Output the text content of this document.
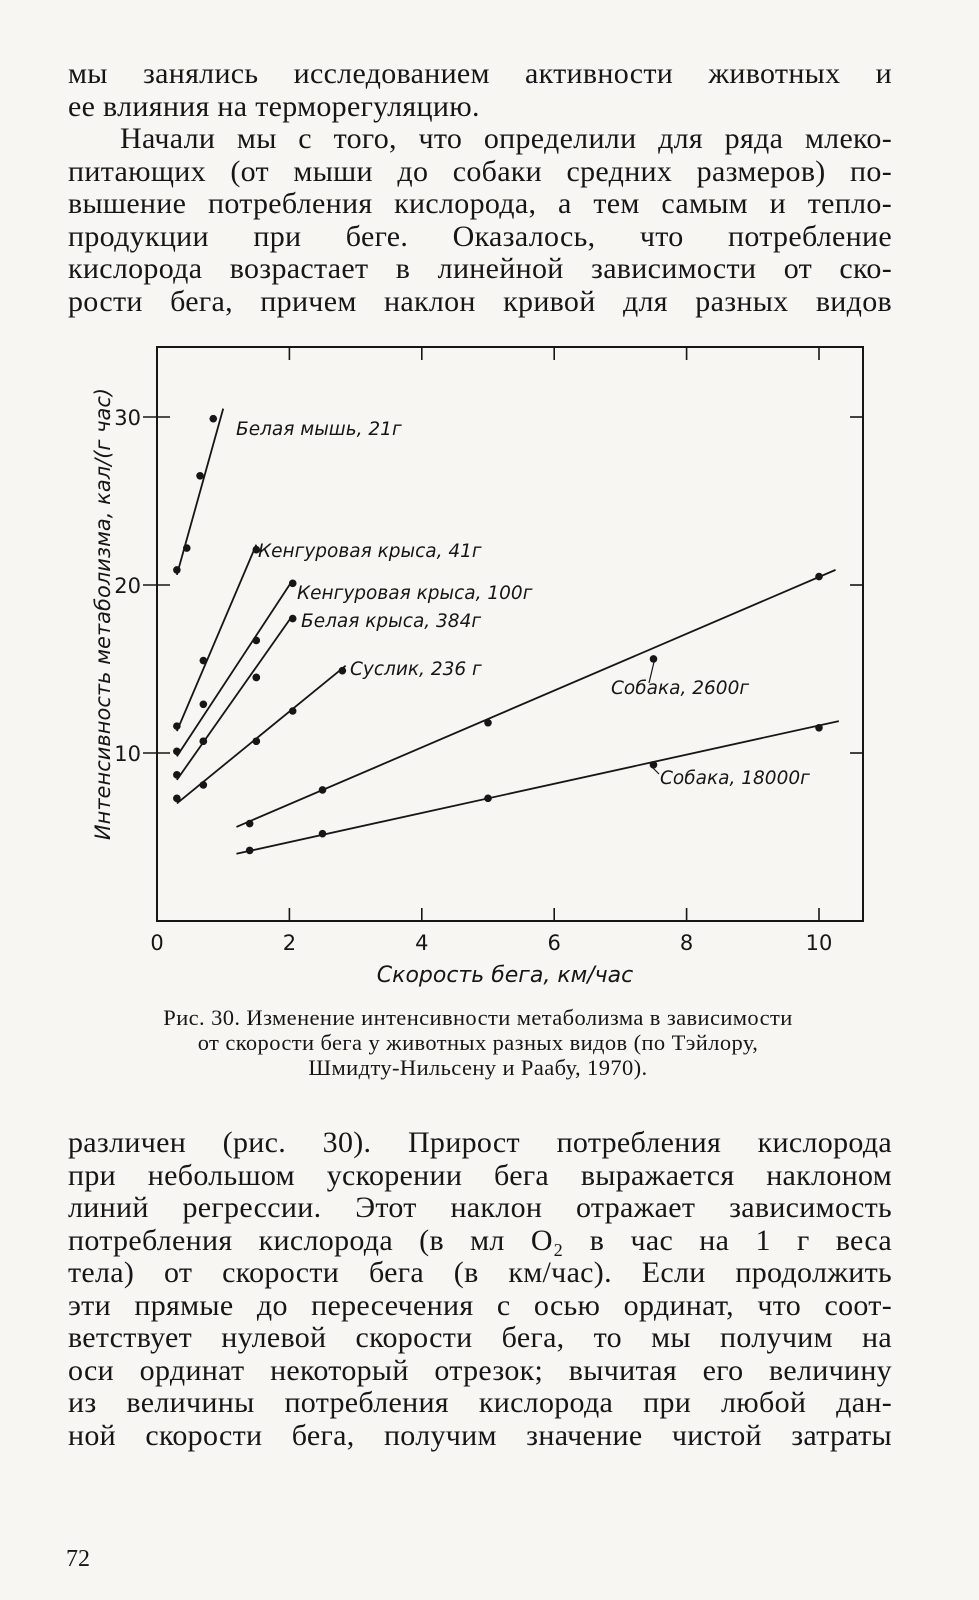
мы занялись исследованием активности животных и
ее влияния на терморегуляцию.
Начали мы с того, что определили для ряда млеко-
питающих (от мыши до собаки средних размеров) по-
вышение потребления кислорода, а тем самым и тепло-
продукции при беге. Оказалось, что потребление
кислорода возрастает в линейной зависимости от ско-
рости бега, причем наклон кривой для разных видов
0	2	4	6	8	10
10
20
30	Белая мышь, 21г
Кенгуровая крыса, 41г
Кенгуровая крыса, 100г
Белая крыса, 384г
Суслик, 236 г
Собака, 2600г
Собака, 18000г
Скорость бега, км/час
Интенсивность метаболизма, кал/(г час)
Рис. 30. Изменение интенсивности метаболизма в зависимости
от скорости бега у животных разных видов (по Тэйлору,
Шмидту-Нильсену и Раабу, 1970).
различен (рис. 30). Прирост потребления кислорода
при небольшом ускорении бега выражается наклоном
линий регрессии. Этот наклон отражает зависимость
потребления кислорода (в мл O₂ в час на 1 г веса
тела) от скорости бега (в км/час). Если продолжить
эти прямые до пересечения с осью ординат, что соот-
ветствует нулевой скорости бега, то мы получим на
оси ординат некоторый отрезок; вычитая его величину
из величины потребления кислорода при любой дан-
ной скорости бега, получим значение чистой затраты
72
